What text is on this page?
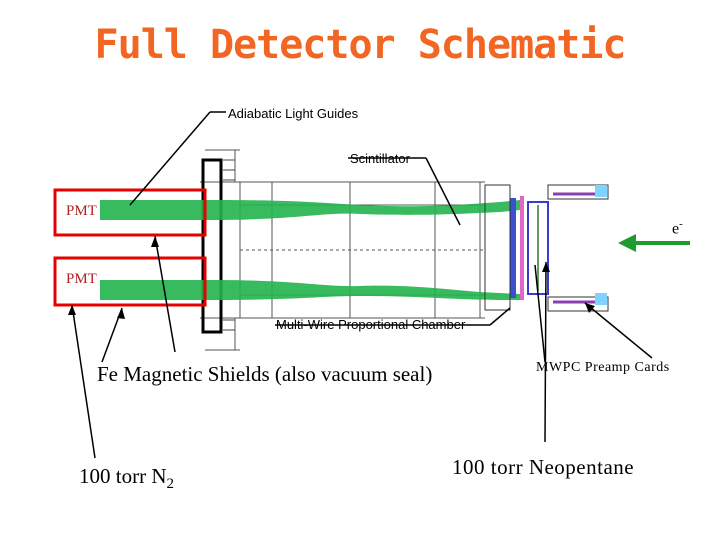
Full Detector Schematic
Adiabatic Light Guides
Scintillator
Multi-Wire Proportional Chamber
PMT
PMT
e-
Fe Magnetic Shields (also vacuum seal)	MWPC Preamp Cards
100 torr $N_2$
100 torr Neopentane
